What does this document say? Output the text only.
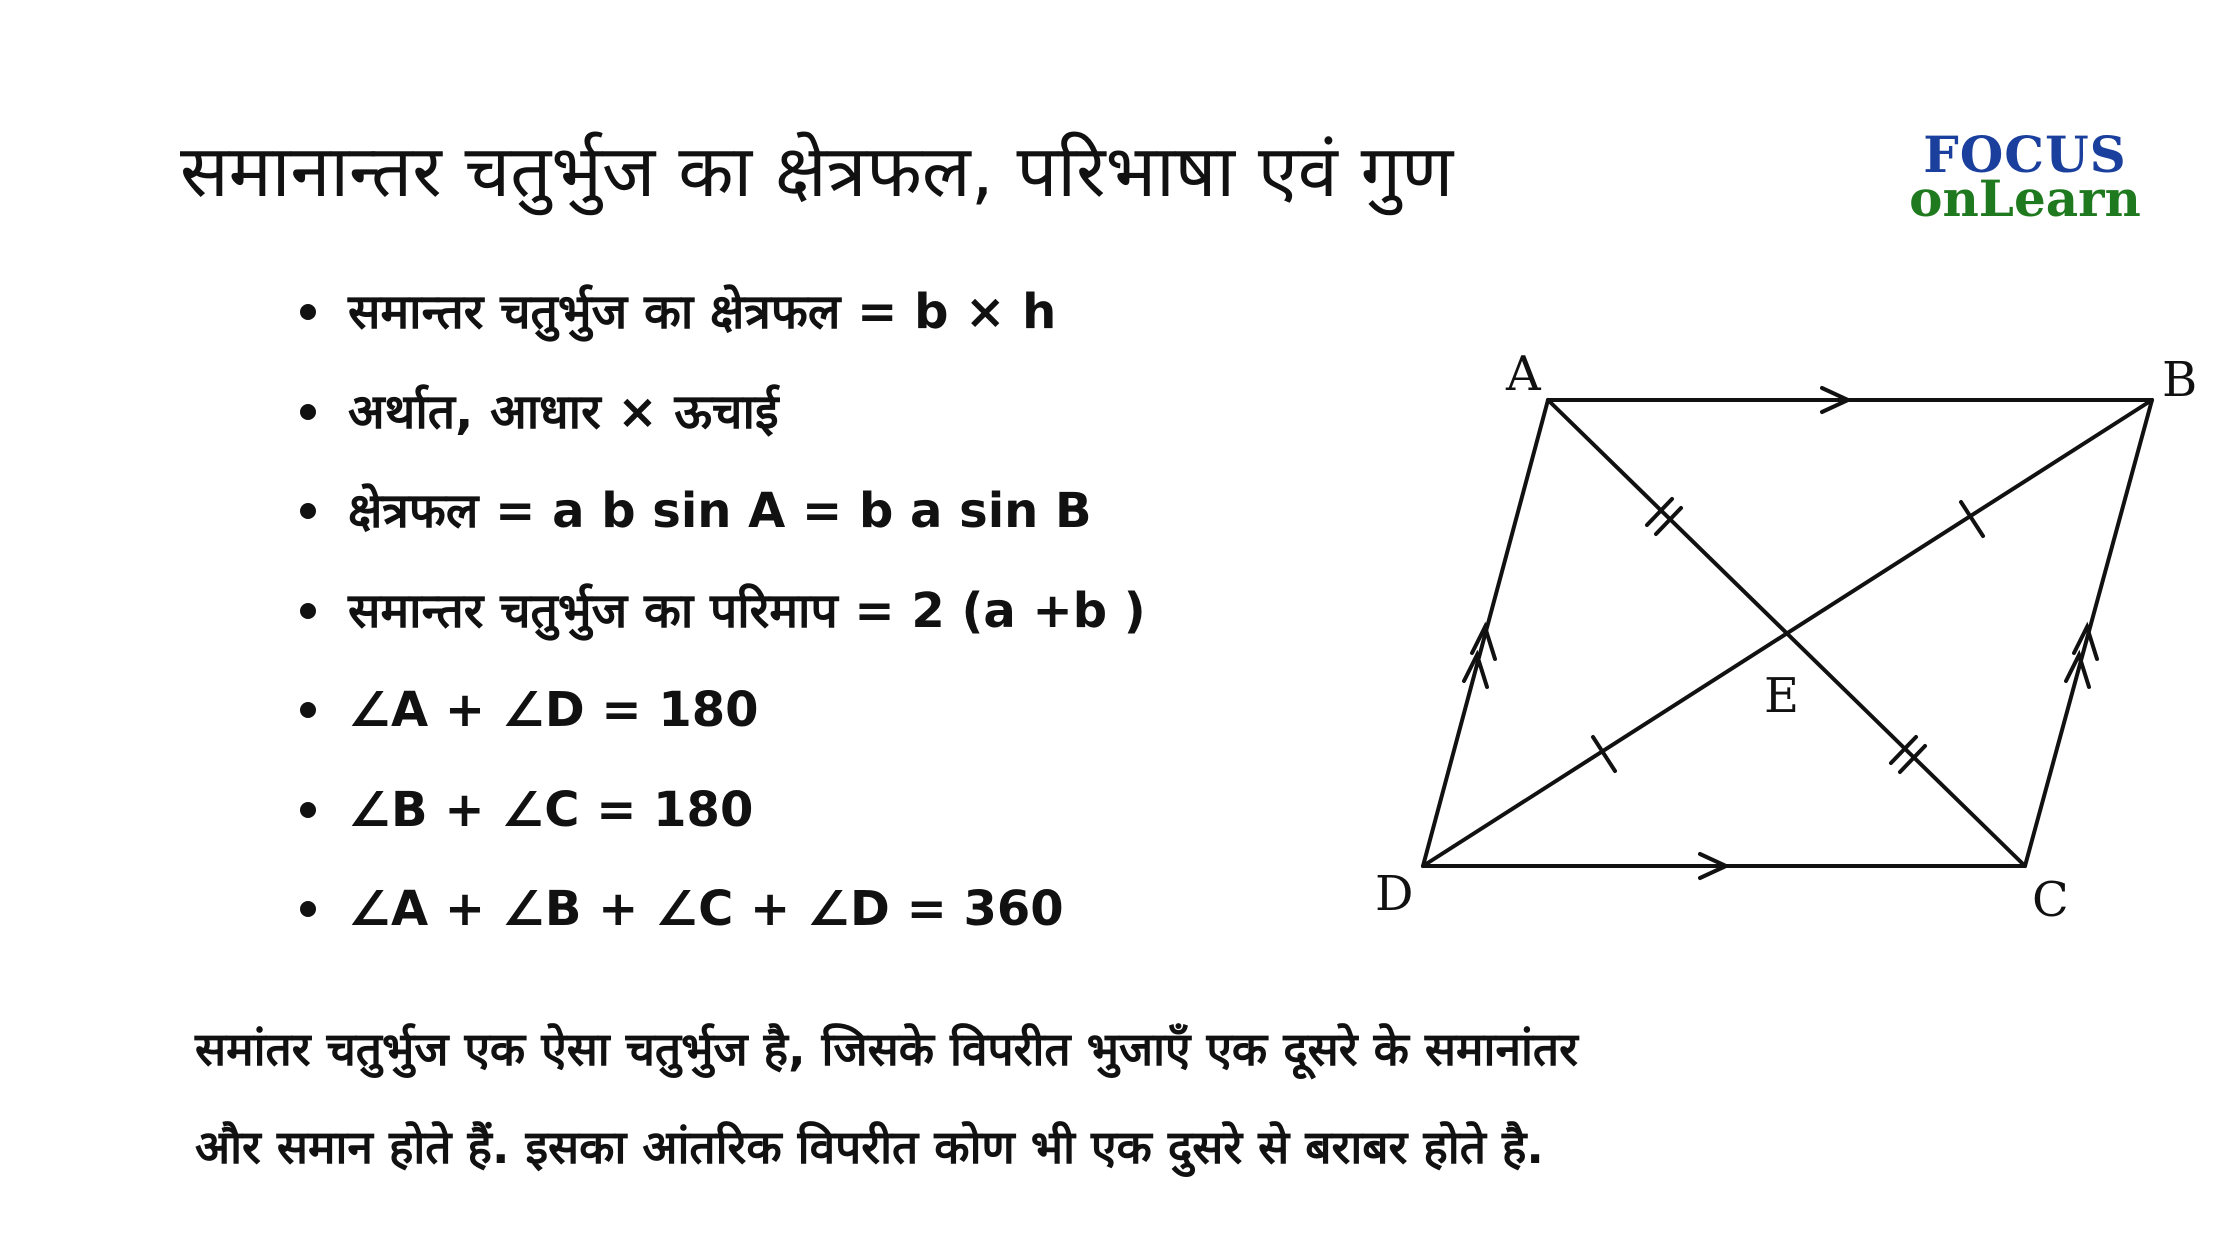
समानान्तर चतुर्भुज का क्षेत्रफल, परिभाषा एवं गुण	FOCUS
onLearn
समान्तर चतुर्भुज का क्षेत्रफल = b × h
अर्थात, आधार × ऊचाई
क्षेत्रफल = a b sin A = b a sin B
समान्तर चतुर्भुज का परिमाप = 2 (a +b )
∠A + ∠D = 180
∠B + ∠C = 180
∠A + ∠B + ∠C + ∠D = 360
A	B
C
D
E
समांतर चतुर्भुज एक ऐसा चतुर्भुज है, जिसके विपरीत भुजाएँ एक दूसरे के समानांतर
और समान होते हैं. इसका आंतरिक विपरीत कोण भी एक दुसरे से बराबर होते है.
